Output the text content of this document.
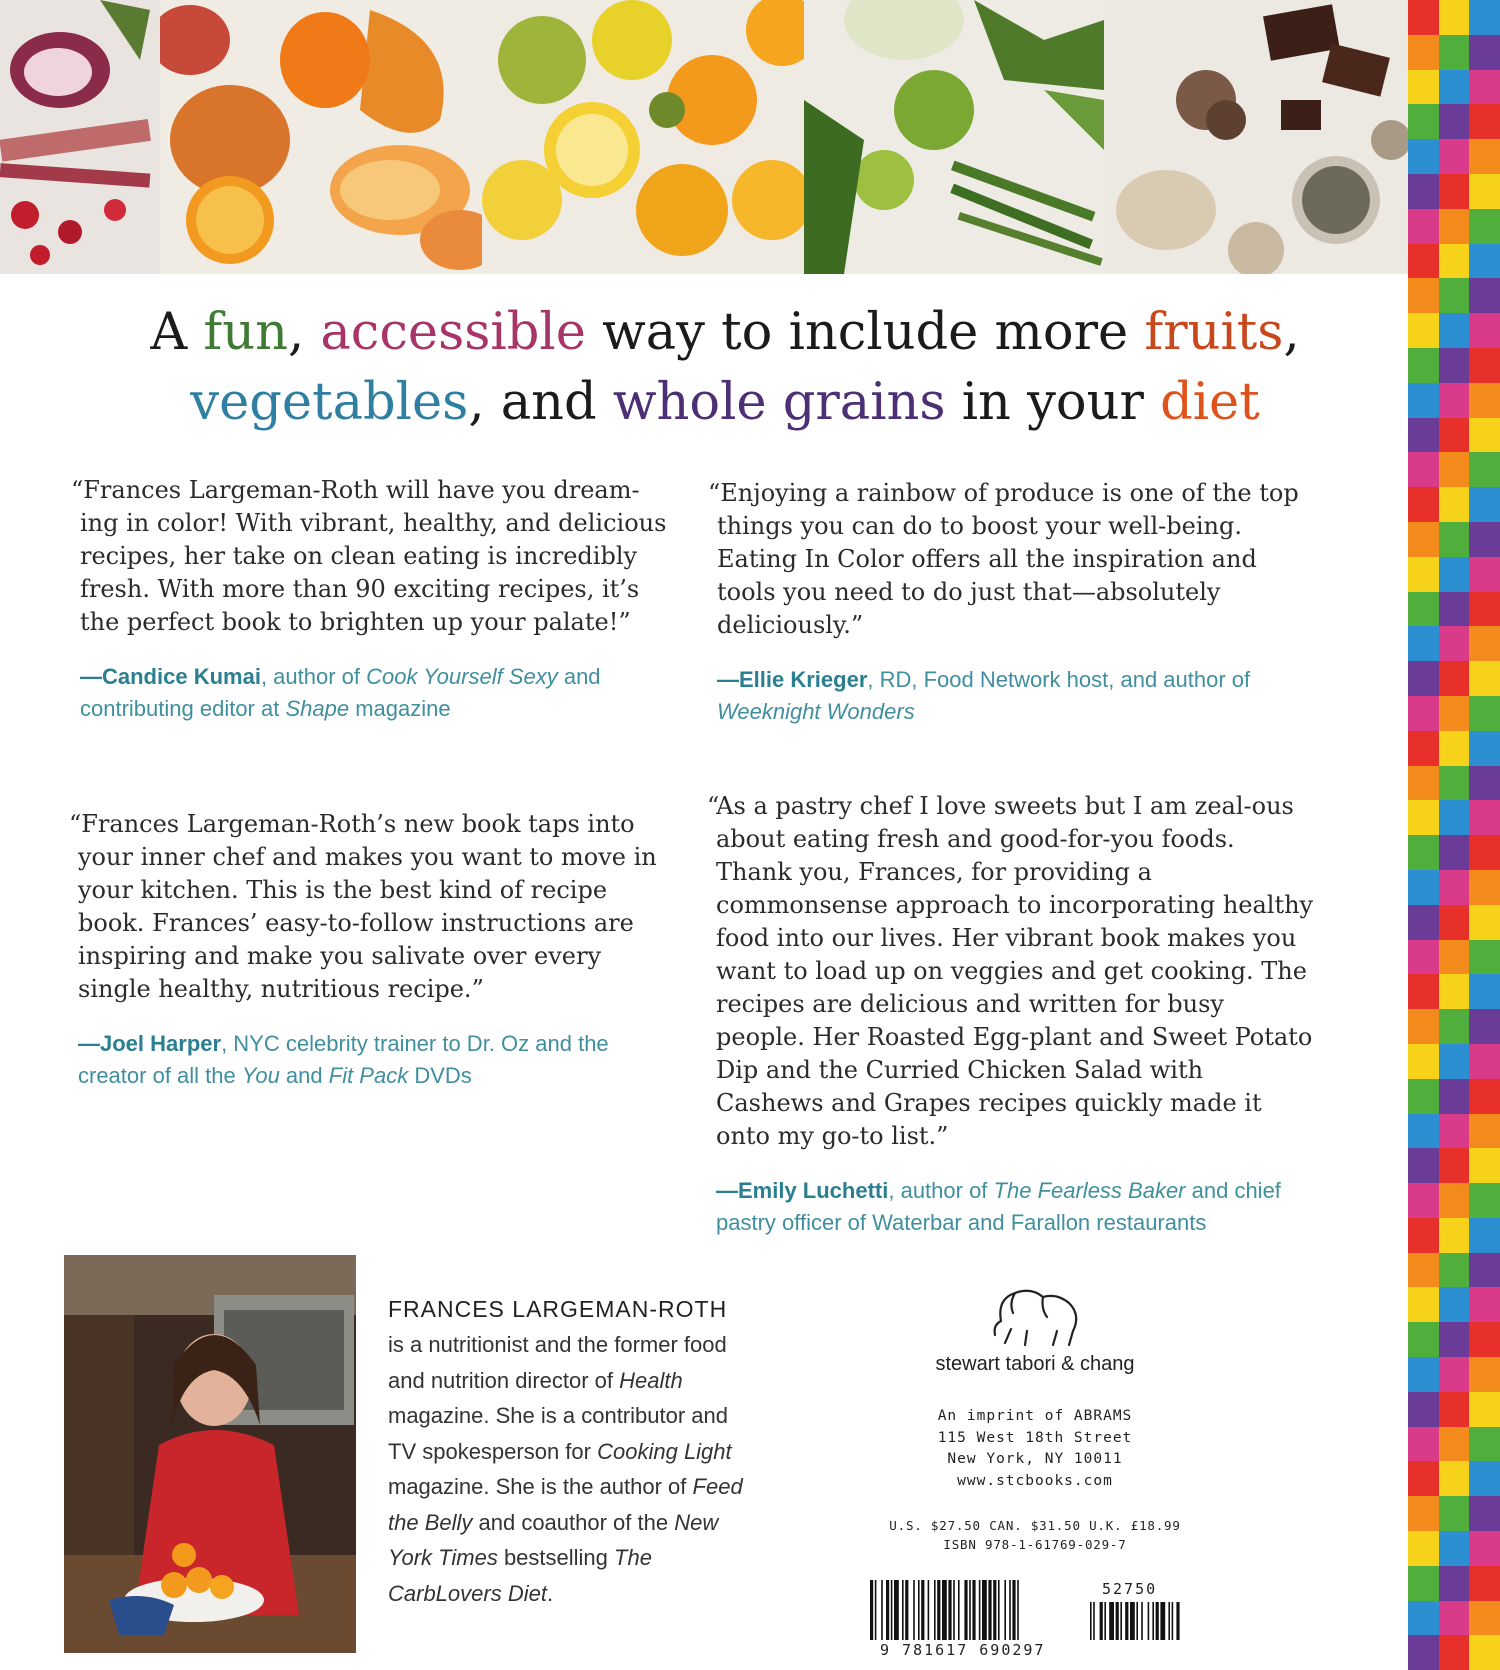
A fun, accessible way to include more fruits,
vegetables, and whole grains in your diet

“Frances Largeman-Roth will have you dream-ing in color! With vibrant, healthy, and delicious recipes, her take on clean eating is incredibly fresh. With more than 90 exciting recipes, it’s the perfect book to brighten up your palate!”

—Candice Kumai, author of Cook Yourself Sexy and contributing editor at Shape magazine

“Enjoying a rainbow of produce is one of the top things you can do to boost your well-being. Eating In Color offers all the inspiration and tools you need to do just that—absolutely deliciously.”

—Ellie Krieger, RD, Food Network host, and author of Weeknight Wonders

“Frances Largeman-Roth’s new book taps into your inner chef and makes you want to move in your kitchen. This is the best kind of recipe book. Frances’ easy-to-follow instructions are inspiring and make you salivate over every single healthy, nutritious recipe.”

—Joel Harper, NYC celebrity trainer to Dr. Oz and the creator of all the You and Fit Pack DVDs

“As a pastry chef I love sweets but I am zeal-ous about eating fresh and good-for-you foods. Thank you, Frances, for providing a commonsense approach to incorporating healthy food into our lives. Her vibrant book makes you want to load up on veggies and get cooking. The recipes are delicious and written for busy people. Her Roasted Egg-plant and Sweet Potato Dip and the Curried Chicken Salad with Cashews and Grapes recipes quickly made it onto my go-to list.”

—Emily Luchetti, author of The Fearless Baker and chief pastry officer of Waterbar and Farallon restaurants

FRANCES LARGEMAN-ROTH

is a nutritionist and the former food and nutrition director of Health magazine. She is a contributor and TV spokesperson for Cooking Light magazine. She is the author of Feed the Belly and coauthor of the New York Times bestselling The CarbLovers Diet.

stewart tabori & chang

An imprint of ABRAMS

115 West 18th Street

New York, NY 10011

www.stcbooks.com

U.S. $27.50 CAN. $31.50 U.K. £18.99

ISBN 978-1-61769-029-7

9 781617 690297
52750
